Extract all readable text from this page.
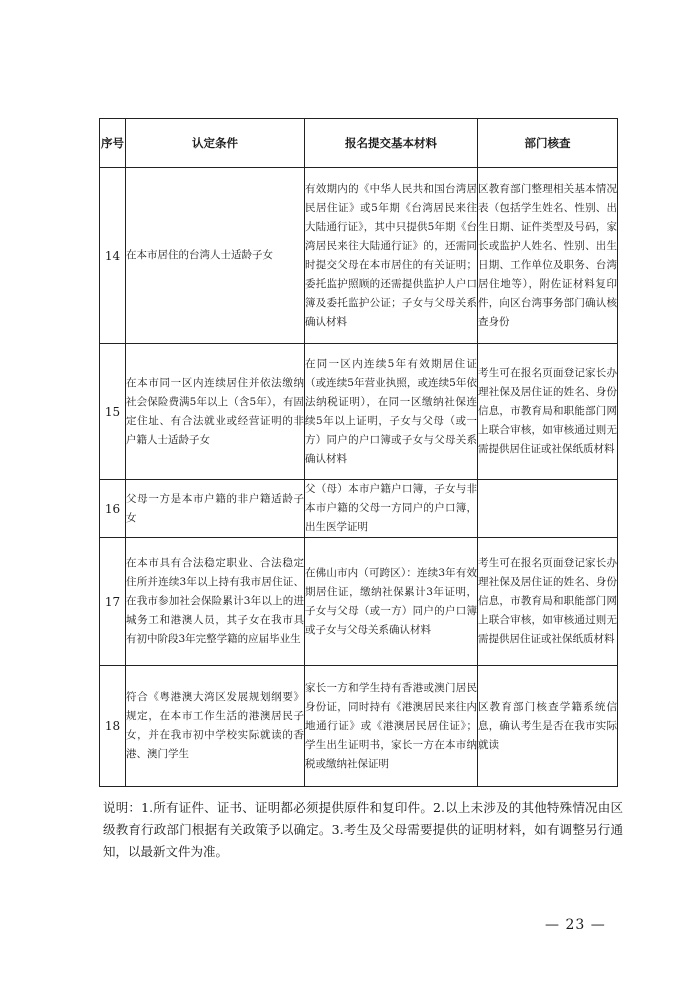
序号	认定条件	报名提交基本材料	部门核查
14	在本市居住的台湾人士适龄子女	有效期内的《中华人民共和国台湾居民居住证》或5年期《台湾居民来往大陆通行证》，其中只提供5年期《台湾居民来往大陆通行证》的，还需同时提交父母在本市居住的有关证明；委托监护照顾的还需提供监护人户口簿及委托监护公证；子女与父母关系确认材料	区教育部门整理相关基本情况表（包括学生姓名、性别、出生日期、证件类型及号码，家长或监护人姓名、性别、出生日期、工作单位及职务、台湾居住地等），附佐证材料复印件，向区台湾事务部门确认核查身份
15	在本市同一区内连续居住并依法缴纳社会保险费满5年以上（含5年），有固定住址、有合法就业或经营证明的非户籍人士适龄子女	在同一区内连续5年有效期居住证（或连续5年营业执照，或连续5年依法纳税证明），在同一区缴纳社保连续5年以上证明，子女与父母（或一方）同户的户口簿或子女与父母关系确认材料	考生可在报名页面登记家长办理社保及居住证的姓名、身份信息，市教育局和职能部门网上联合审核，如审核通过则无需提供居住证或社保纸质材料
16	父母一方是本市户籍的非户籍适龄子女	父（母）本市户籍户口簿，子女与非本市户籍的父母一方同户的户口簿，出生医学证明	
17	在本市具有合法稳定职业、合法稳定住所并连续3年以上持有我市居住证、在我市参加社会保险累计3年以上的进城务工和港澳人员，其子女在我市具有初中阶段3年完整学籍的应届毕业生	在佛山市内（可跨区）：连续3年有效期居住证，缴纳社保累计3年证明，子女与父母（或一方）同户的户口簿或子女与父母关系确认材料	考生可在报名页面登记家长办理社保及居住证的姓名、身份信息，市教育局和职能部门网上联合审核，如审核通过则无需提供居住证或社保纸质材料
18	符合《粤港澳大湾区发展规划纲要》规定，在本市工作生活的港澳居民子女，并在我市初中学校实际就读的香港、澳门学生	家长一方和学生持有香港或澳门居民身份证，同时持有《港澳居民来往内地通行证》或《港澳居民居住证》；学生出生证明书，家长一方在本市纳税或缴纳社保证明	区教育部门核查学籍系统信息，确认考生是否在我市实际就读
说明：1.所有证件、证书、证明都必须提供原件和复印件。2.以上未涉及的其他特殊情况由区级教育行政部门根据有关政策予以确定。3.考生及父母需要提供的证明材料，如有调整另行通知，以最新文件为准。
— 23 —
